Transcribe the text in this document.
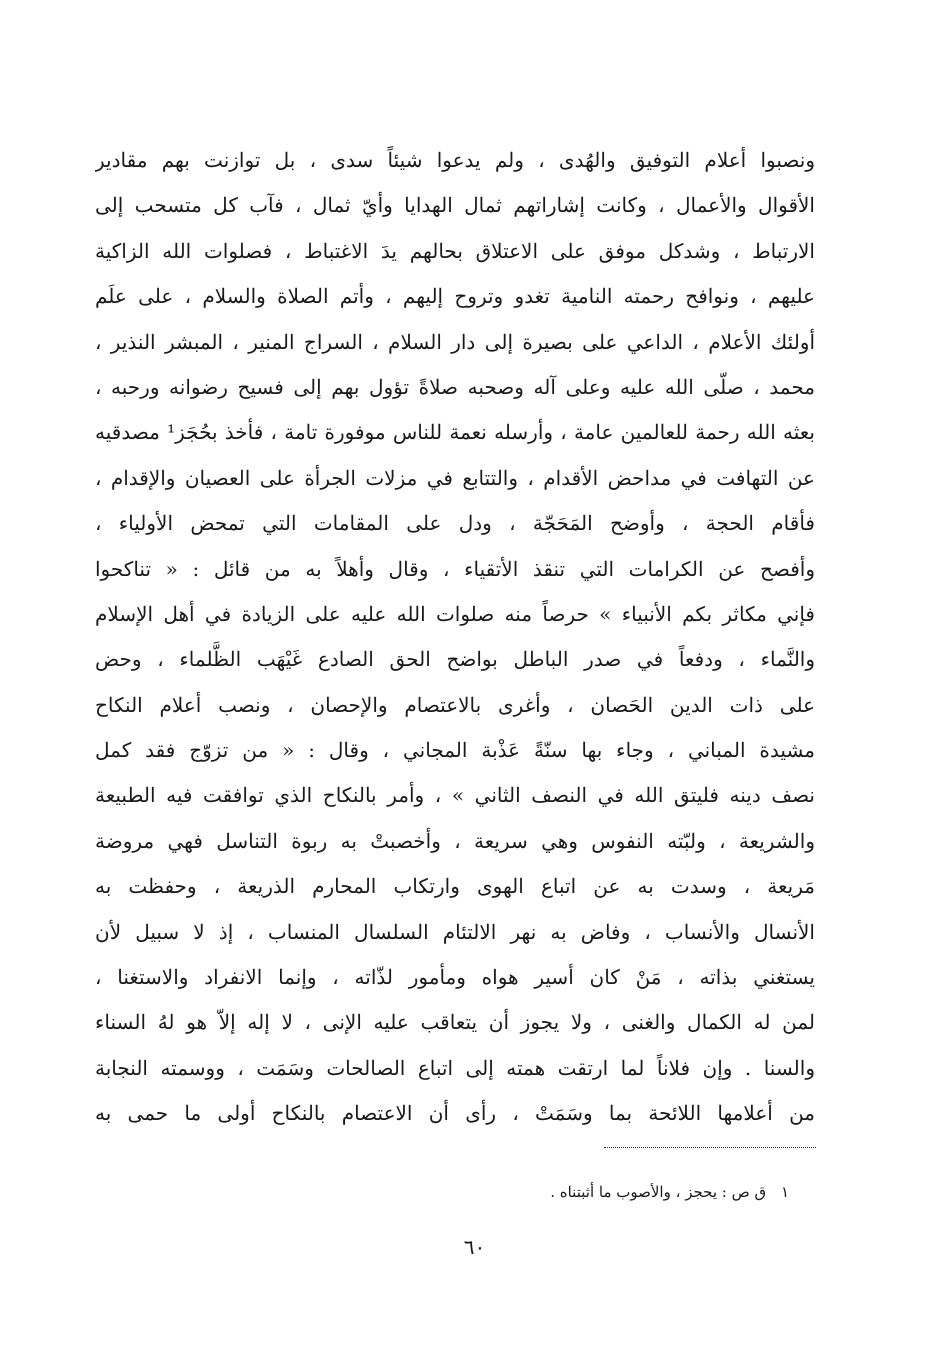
ونصبوا أعلام التوفيق والهُدى ، ولم يدعوا شيئاً سدى ، بل توازنت بهم مقادير
الأقوال والأعمال ، وكانت إشاراتهم ثمال الهدايا وأيّ ثمال ، فآب كل متسحب إلى
الارتباط ، وشدكل موفق على الاعتلاق بحالهم يدَ الاغتباط ، فصلوات الله الزاكية
عليهم ، ونوافح رحمته النامية تغدو وتروح إليهم ، وأتم الصلاة والسلام ، على علَم
أولئك الأعلام ، الداعي على بصيرة إلى دار السلام ، السراج المنير ، المبشر النذير ،
محمد ، صلّى الله عليه وعلى آله وصحبه صلاةً تؤول بهم إلى فسيح رضوانه ورحبه ،
بعثه الله رحمة للعالمين عامة ، وأرسله نعمة للناس موفورة تامة ، فأخذ بحُجَز¹ مصدقيه
عن التهافت في مداحض الأقدام ، والتتابع في مزلات الجرأة على العصيان والإقدام ،
فأقام الحجة ، وأوضح المَحَجّة ، ودل على المقامات التي تمحض الأولياء ،
وأفصح عن الكرامات التي تنقذ الأتقياء ، وقال وأهلاً به من قائل : « تناكحوا
فإني مكاثر بكم الأنبياء » حرصاً منه صلوات الله عليه على الزيادة في أهل الإسلام
والنَّماء ، ودفعاً في صدر الباطل بواضح الحق الصادع غَيْهَب الظَّلماء ، وحض
على ذات الدين الحَصان ، وأغرى بالاعتصام والإحصان ، ونصب أعلام النكاح
مشيدة المباني ، وجاء بها سنّةً عَذْبة المجاني ، وقال : « من تزوّج فقد كمل
نصف دينه فليتق الله في النصف الثاني » ، وأمر بالنكاح الذي توافقت فيه الطبيعة
والشريعة ، ولبّته النفوس وهي سريعة ، وأخصبتْ به ربوة التناسل فهي مروضة
مَريعة ، وسدت به عن اتباع الهوى وارتكاب المحارم الذريعة ، وحفظت به
الأنسال والأنساب ، وفاض به نهر الالتئام السلسال المنساب ، إذ لا سبيل لأن
يستغني بذاته ، مَنْ كان أسير هواه ومأمور لذّاته ، وإنما الانفراد والاستغنا ،
لمن له الكمال والغنى ، ولا يجوز أن يتعاقب عليه الإنى ، لا إله إلاّ هو لهُ السناء
والسنا . وإن فلاناً لما ارتقت همته إلى اتباع الصالحات وسَمَت ، ووسمته النجابة
من أعلامها اللائحة بما وسَمَتْ ، رأى أن الاعتصام بالنكاح أولى ما حمى به
١ ق ص : يحجز ، والأصوب ما أثبتناه .
٦٠
